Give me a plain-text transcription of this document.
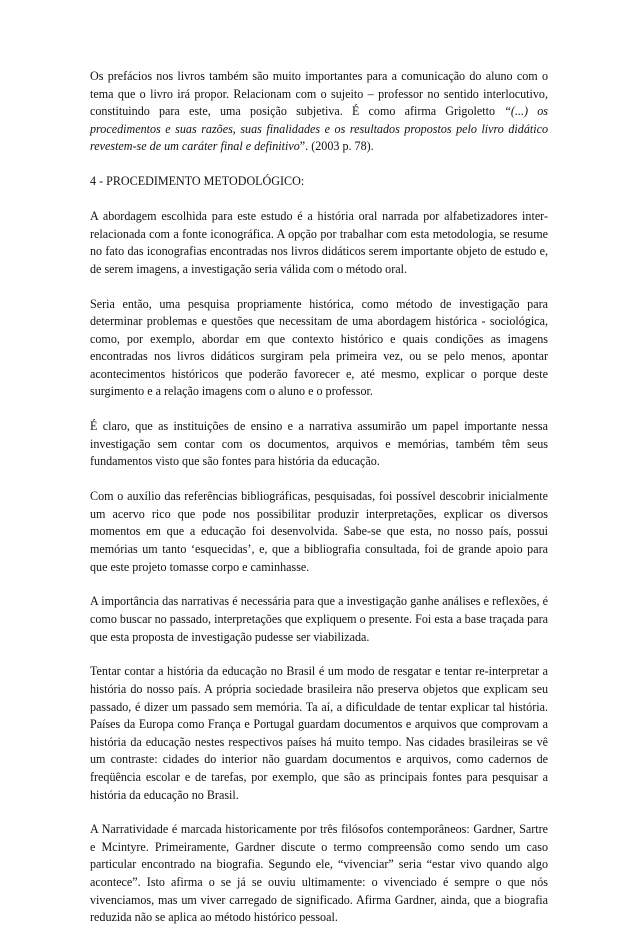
Os prefácios nos livros também são muito importantes para a comunicação do aluno com o tema que o livro irá propor. Relacionam com o sujeito – professor no sentido interlocutivo, constituindo para este, uma posição subjetiva. É como afirma Grigoletto “(...) os procedimentos e suas razões, suas finalidades e os resultados propostos pelo livro didático revestem-se de um caráter final e definitivo”. (2003 p. 78).

4 - PROCEDIMENTO METODOLÓGICO:

A abordagem escolhida para este estudo é a história oral narrada por alfabetizadores inter-relacionada com a fonte iconográfica. A opção por trabalhar com esta metodologia, se resume no fato das iconografias encontradas nos livros didáticos serem importante objeto de estudo e, de serem imagens, a investigação seria válida com o método oral.

Seria então, uma pesquisa propriamente histórica, como método de investigação para determinar problemas e questões que necessitam de uma abordagem histórica - sociológica, como, por exemplo, abordar em que contexto histórico e quais condições as imagens encontradas nos livros didáticos surgiram pela primeira vez, ou se pelo menos, apontar acontecimentos históricos que poderão favorecer e, até mesmo, explicar o porque deste surgimento e a relação imagens com o aluno e o professor.

É claro, que as instituições de ensino e a narrativa assumirão um papel importante nessa investigação sem contar com os documentos, arquivos e memórias, também têm seus fundamentos visto que são fontes para história da educação.

Com o auxílio das referências bibliográficas, pesquisadas, foi possível descobrir inicialmente um acervo rico que pode nos possibilitar produzir interpretações, explicar os diversos momentos em que a educação foi desenvolvida. Sabe-se que esta, no nosso país, possui memórias um tanto ‘esquecidas’, e, que a bibliografia consultada, foi de grande apoio para que este projeto tomasse corpo e caminhasse.

A importância das narrativas é necessária para que a investigação ganhe análises e reflexões, é como buscar no passado, interpretações que expliquem o presente. Foi esta a base traçada para que esta proposta de investigação pudesse ser viabilizada.

Tentar contar a história da educação no Brasil é um modo de resgatar e tentar re-interpretar a história do nosso país. A própria sociedade brasileira não preserva objetos que explicam seu passado, é dizer um passado sem memória. Ta aí, a dificuldade de tentar explicar tal história. Países da Europa como França e Portugal guardam documentos e arquivos que comprovam a história da educação nestes respectivos países há muito tempo. Nas cidades brasileiras se vê um contraste: cidades do interior não guardam documentos e arquivos, como cadernos de freqüência escolar e de tarefas, por exemplo, que são as principais fontes para pesquisar a história da educação no Brasil.

A Narratividade é marcada historicamente por três filósofos contemporâneos: Gardner, Sartre e Mcintyre. Primeiramente, Gardner discute o termo compreensão como sendo um caso particular encontrado na biografia. Segundo ele, “vivenciar” seria “estar vivo quando algo acontece”. Isto afirma o se já se ouviu ultimamente: o vivenciado é sempre o que nós vivenciamos, mas um viver carregado de significado. Afirma Gardner, ainda, que a biografia reduzida não se aplica ao método histórico pessoal.
